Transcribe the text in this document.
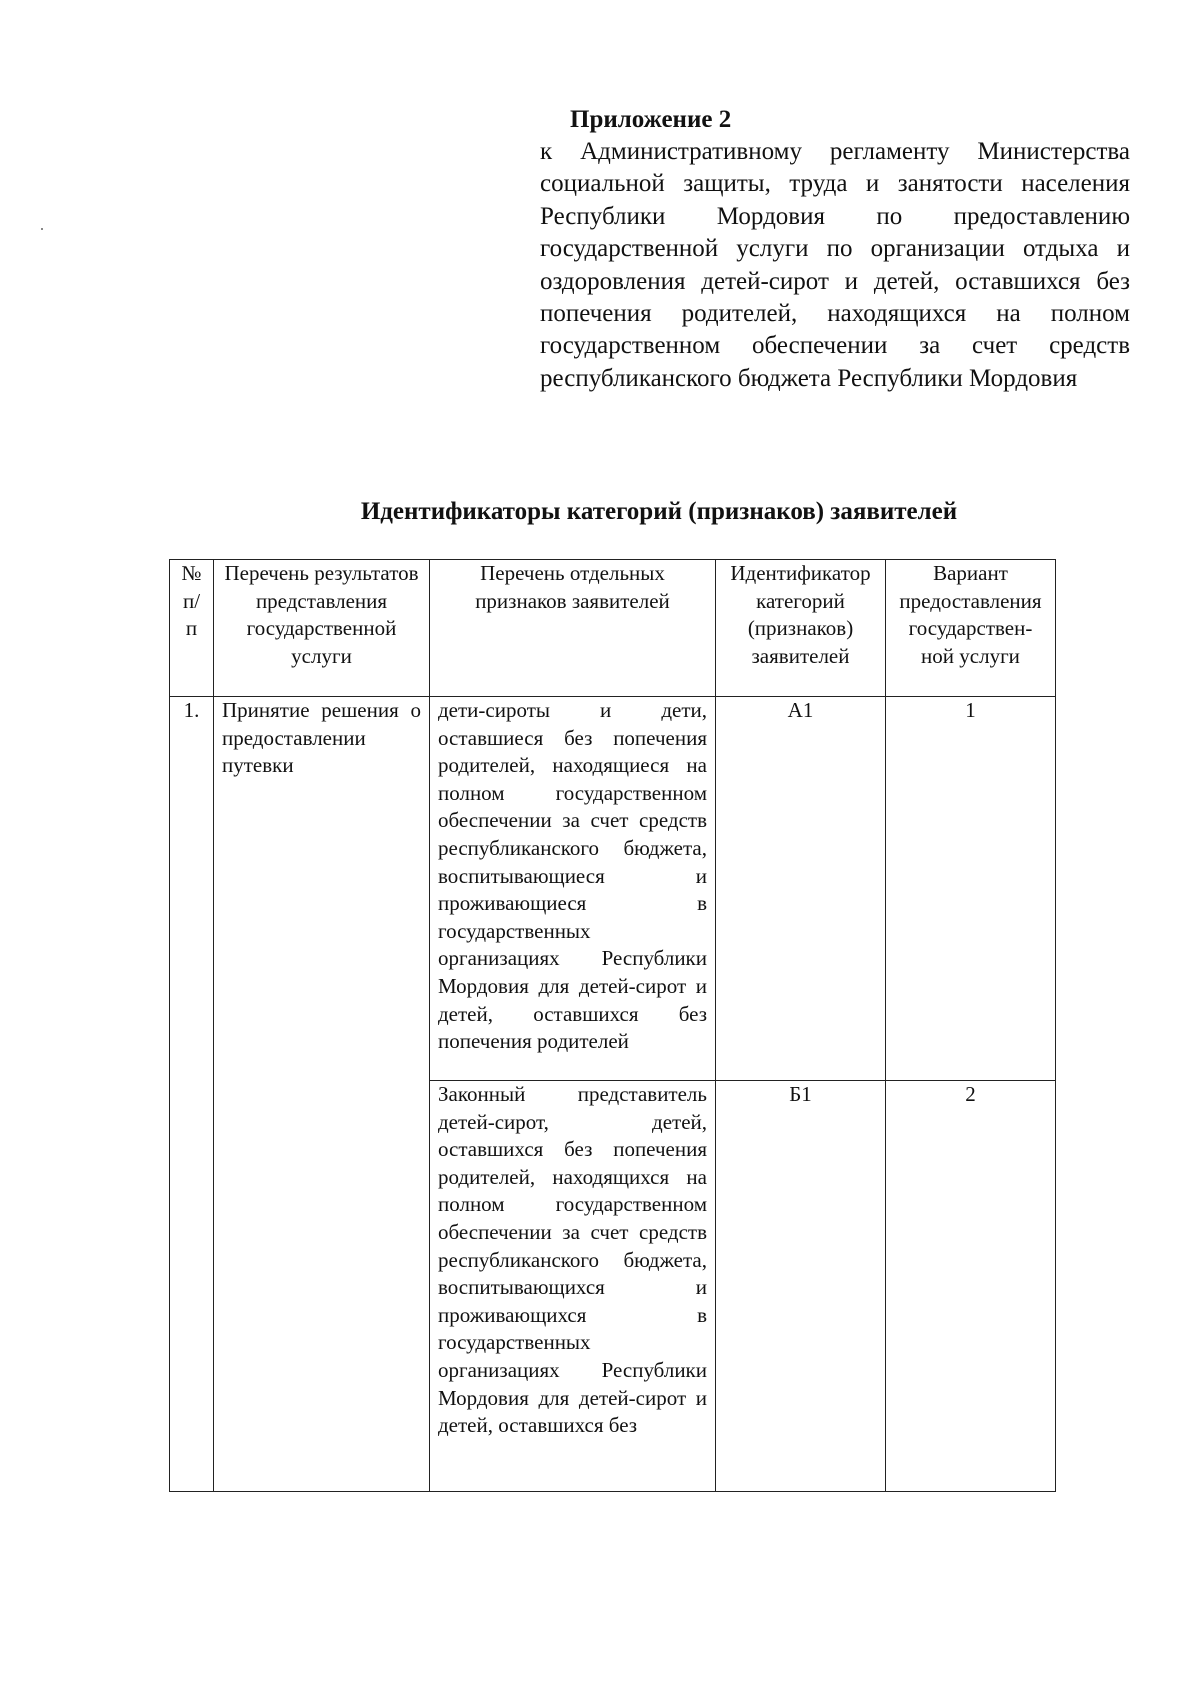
Приложение 2

к Административному регламенту Министерства социальной защиты, труда и занятости населения Республики Мордовия по предоставлению государственной услуги по организации отдыха и оздоровления детей-сирот и детей, оставшихся без попечения родителей, находящихся на полном государственном обеспечении за счет средств республиканского бюджета Республики Мордовия

Идентификаторы категорий (признаков) заявителей
№ п/п	Перечень результатов представления государственной услуги	Перечень отдельных признаков заявителей	Идентификатор категорий (признаков) заявителей	Вариант предоставления государствен-ной услуги
1.	Принятие решения о предоставлении путевки	дети-сироты и дети, оставшиеся без попечения родителей, находящиеся на полном государственном обеспечении за счет средств республиканского бюджета, воспитывающиеся и проживающиеся в государственных организациях Республики Мордовия для детей-сирот и детей, оставшихся без попечения родителей	А1	1
		Законный представитель детей-сирот, детей, оставшихся без попечения родителей, находящихся на полном государственном обеспечении за счет средств республиканского бюджета, воспитывающихся и проживающихся в государственных организациях Республики Мордовия для детей-сирот и детей, оставшихся без	Б1	2
